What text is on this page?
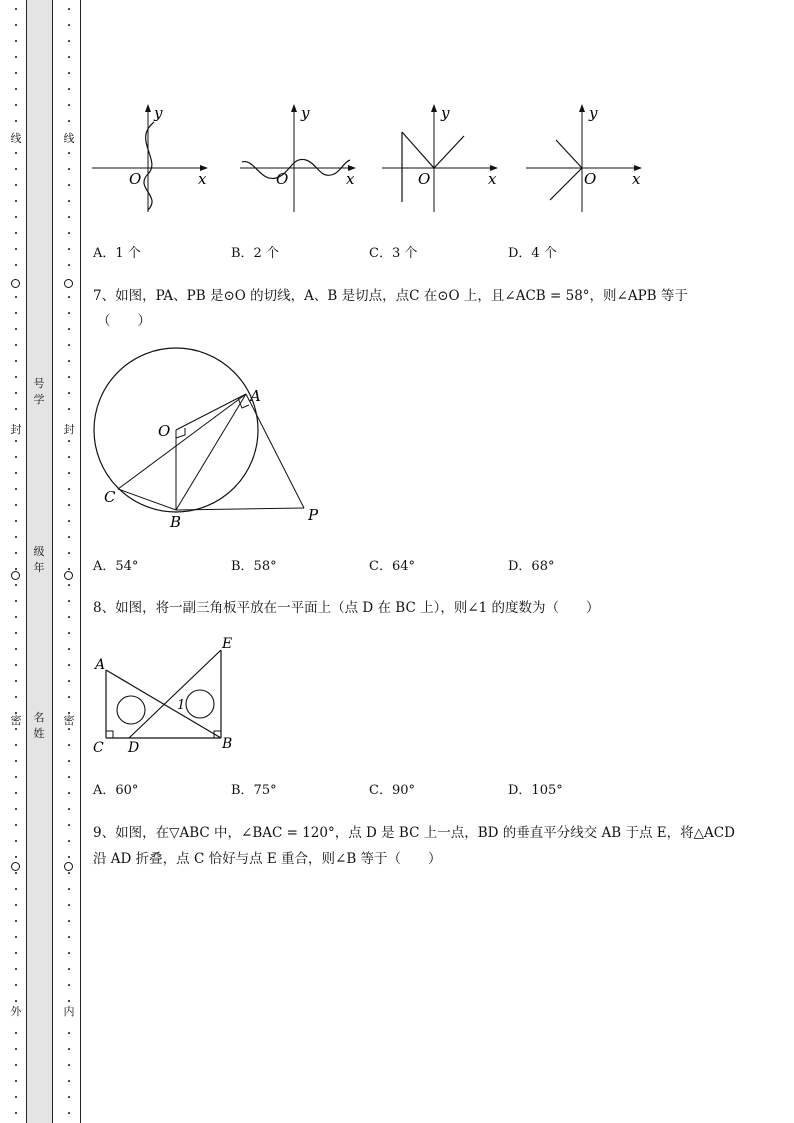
线
封
密
外
线
封
密
内
号学
级年
名姓
y
x
O
y
x
O
y
x
O
y
x
O
A．1 个	B．2 个	C．3 个	D．4 个
7、如图，PA、PB 是⊙O 的切线，A、B 是切点，点C 在⊙O 上，且∠ACB = 58°，则∠APB 等于
（　　）
O
A
B
C
P
A．54°	B．58°	C．64°	D．68°
8、如图，将一副三角板平放在一平面上（点 D 在 BC 上），则∠1 的度数为（　　）
A
E
C D	B
1
A．60°	B．75°	C．90°	D．105°
9、如图，在▽ABC 中，∠BAC = 120°，点 D 是 BC 上一点，BD 的垂直平分线交 AB 于点 E，将△ACD
沿 AD 折叠，点 C 恰好与点 E 重合，则∠B 等于（　　）
